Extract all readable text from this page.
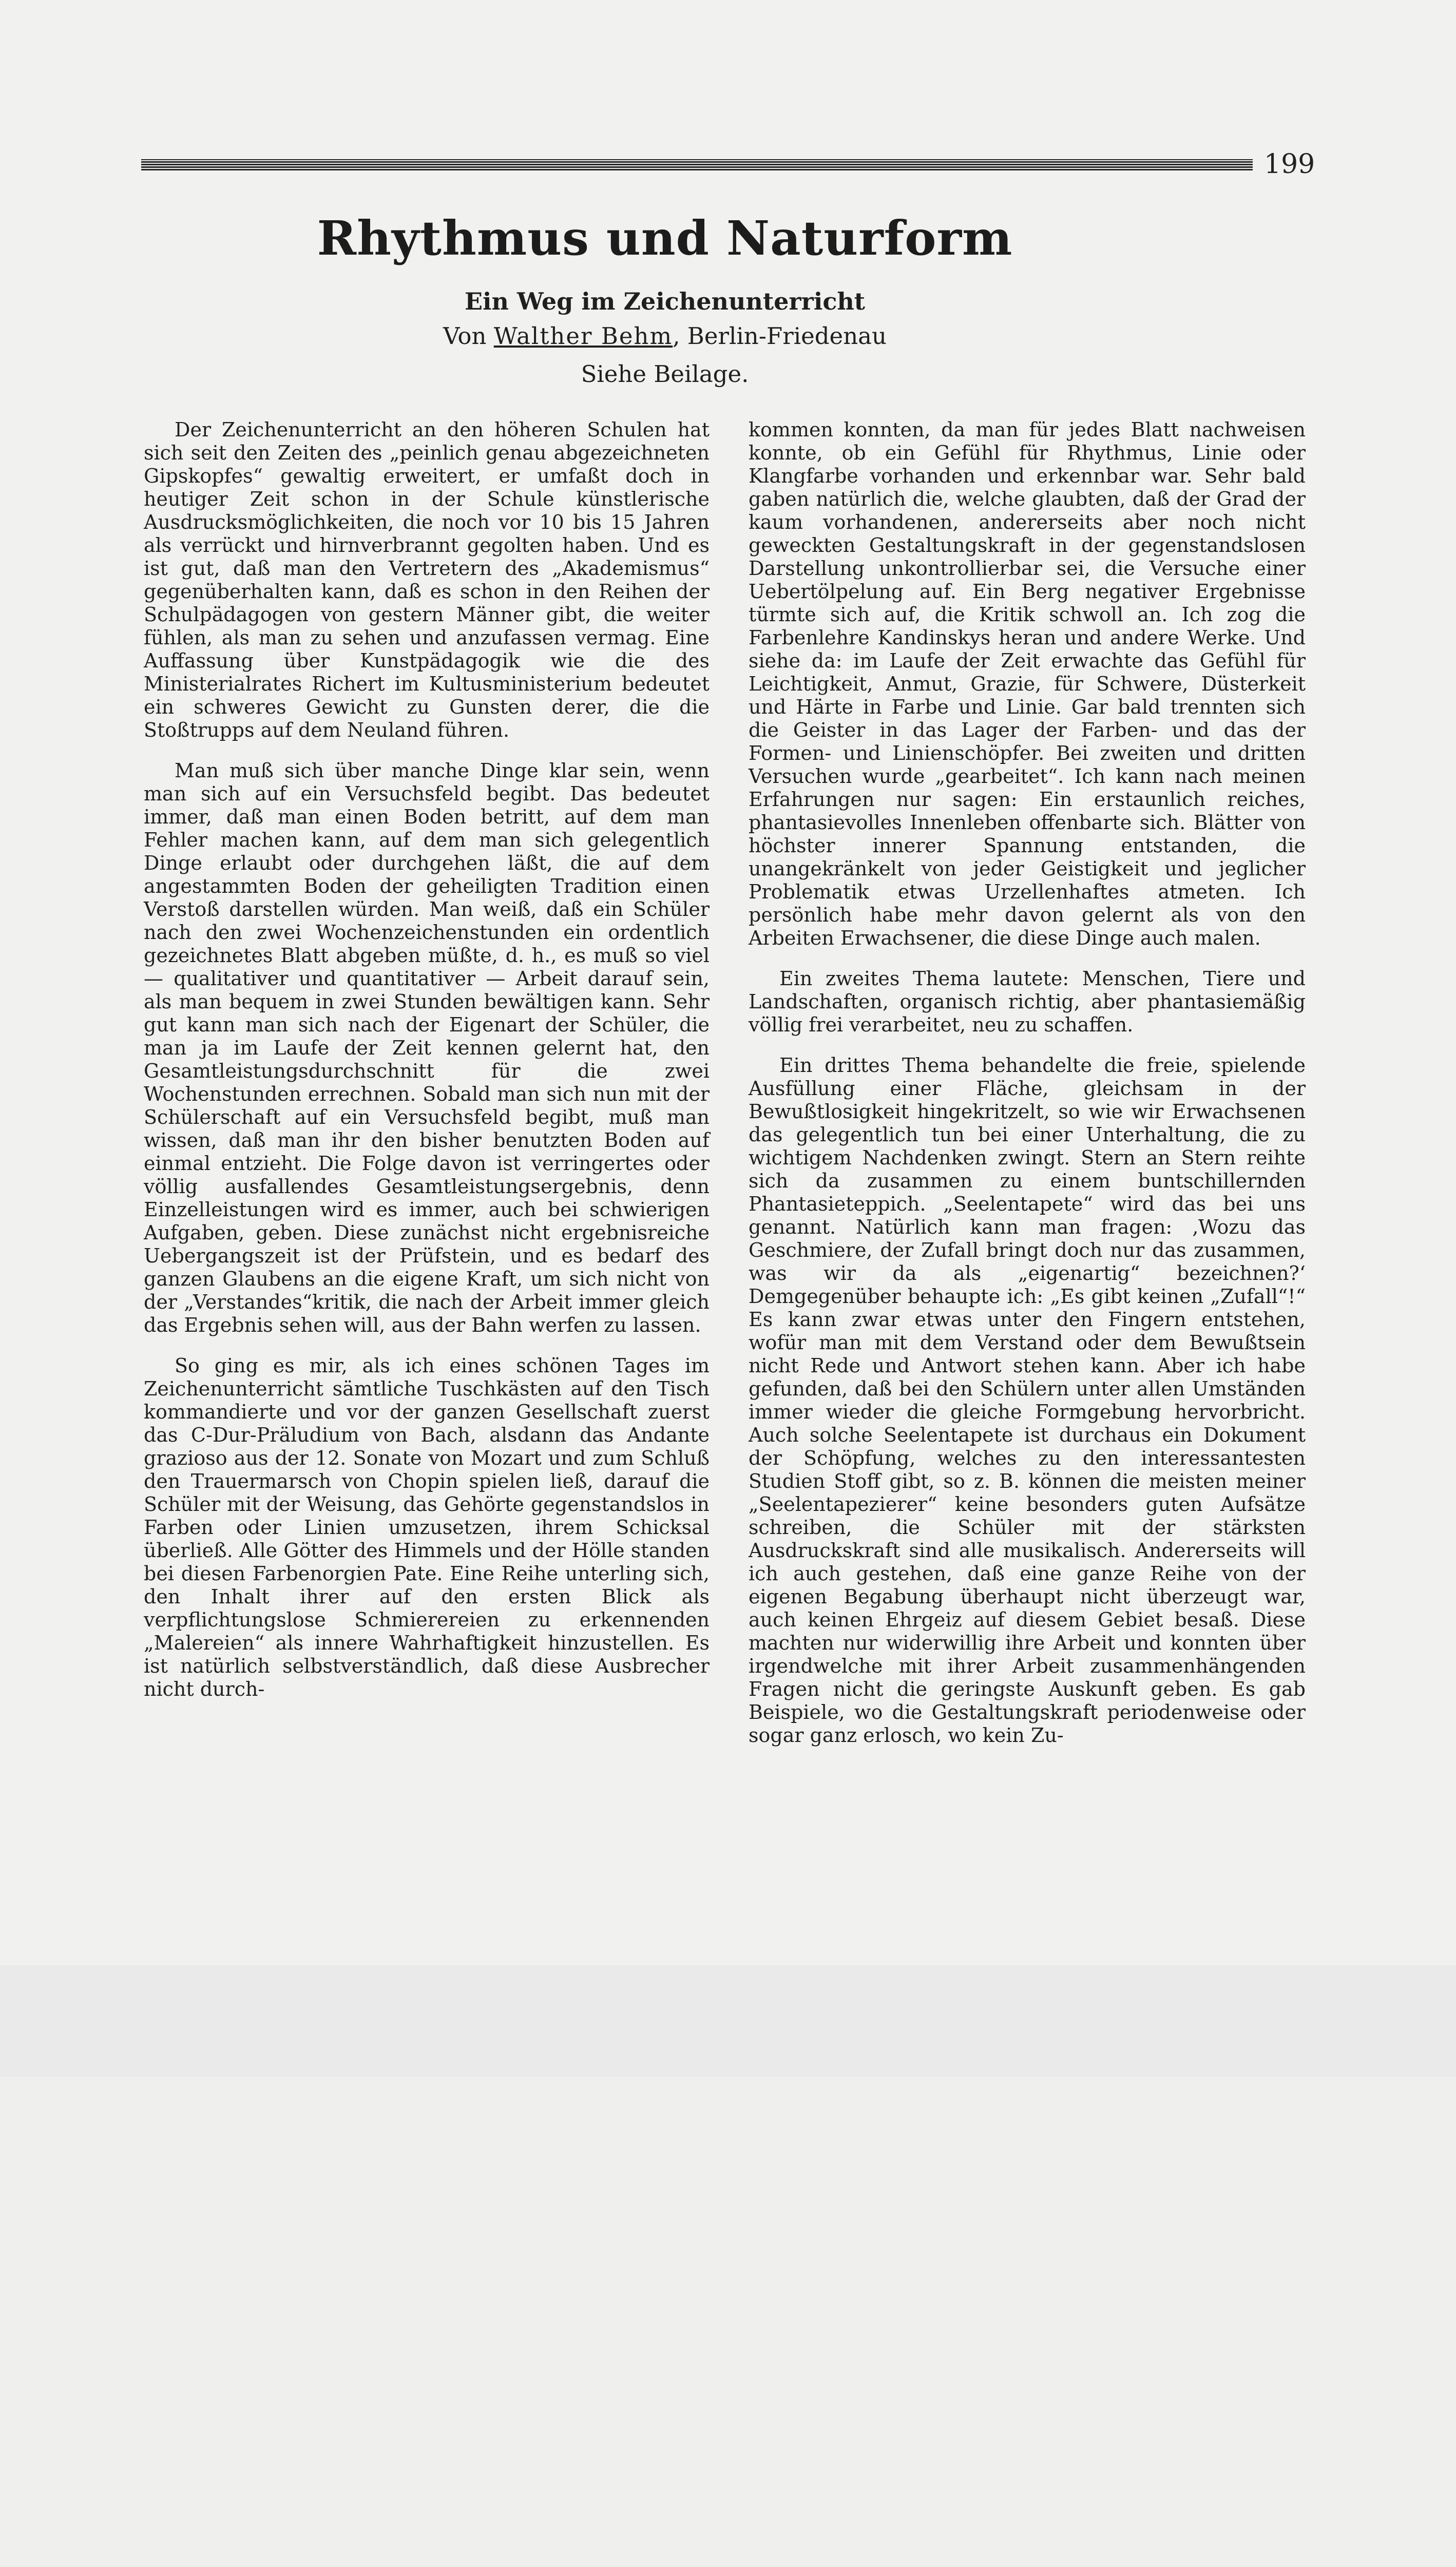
199
Rhythmus und Naturform
Ein Weg im Zeichenunterricht
Von Walther Behm, Berlin-Friedenau
Siehe Beilage.

Der Zeichenunterricht an den höheren Schulen hat sich seit den Zeiten des „peinlich genau abgezeichneten Gipskopfes“ gewaltig erweitert, er umfaßt doch in heutiger Zeit schon in der Schule künstlerische Ausdrucksmöglichkeiten, die noch vor 10 bis 15 Jahren als verrückt und hirnverbrannt gegolten haben. Und es ist gut, daß man den Vertretern des „Akademismus“ gegenüberhalten kann, daß es schon in den Reihen der Schulpädagogen von gestern Männer gibt, die weiter fühlen, als man zu sehen und anzufassen vermag. Eine Auffassung über Kunstpädagogik wie die des Ministerialrates Richert im Kultusministerium bedeutet ein schweres Gewicht zu Gunsten derer, die die Stoßtrupps auf dem Neuland führen.

Man muß sich über manche Dinge klar sein, wenn man sich auf ein Versuchsfeld begibt. Das bedeutet immer, daß man einen Boden betritt, auf dem man Fehler machen kann, auf dem man sich gelegentlich Dinge erlaubt oder durchgehen läßt, die auf dem angestammten Boden der geheiligten Tradition einen Verstoß darstellen würden. Man weiß, daß ein Schüler nach den zwei Wochenzeichenstunden ein ordentlich gezeichnetes Blatt abgeben müßte, d. h., es muß so viel — qualitativer und quantitativer — Arbeit darauf sein, als man bequem in zwei Stunden bewältigen kann. Sehr gut kann man sich nach der Eigenart der Schüler, die man ja im Laufe der Zeit kennen gelernt hat, den Gesamtleistungsdurchschnitt für die zwei Wochenstunden errechnen. Sobald man sich nun mit der Schülerschaft auf ein Versuchsfeld begibt, muß man wissen, daß man ihr den bisher benutzten Boden auf einmal entzieht. Die Folge davon ist verringertes oder völlig ausfallendes Gesamtleistungsergebnis, denn Einzelleistungen wird es immer, auch bei schwierigen Aufgaben, geben. Diese zunächst nicht ergebnisreiche Uebergangszeit ist der Prüfstein, und es bedarf des ganzen Glaubens an die eigene Kraft, um sich nicht von der „Verstandes“kritik, die nach der Arbeit immer gleich das Ergebnis sehen will, aus der Bahn werfen zu lassen.

So ging es mir, als ich eines schönen Tages im Zeichenunterricht sämtliche Tuschkästen auf den Tisch kommandierte und vor der ganzen Gesellschaft zuerst das C-Dur-Präludium von Bach, alsdann das Andante grazioso aus der 12. Sonate von Mozart und zum Schluß den Trauermarsch von Chopin spielen ließ, darauf die Schüler mit der Weisung, das Gehörte gegenstandslos in Farben oder Linien umzusetzen, ihrem Schicksal überließ. Alle Götter des Himmels und der Hölle standen bei diesen Farbenorgien Pate. Eine Reihe unterling sich, den Inhalt ihrer auf den ersten Blick als verpflichtungslose Schmierereien zu erkennenden „Malereien“ als innere Wahrhaftigkeit hinzustellen. Es ist natürlich selbstverständlich, daß diese Ausbrecher nicht durch-

kommen konnten, da man für jedes Blatt nachweisen konnte, ob ein Gefühl für Rhythmus, Linie oder Klangfarbe vorhanden und erkennbar war. Sehr bald gaben natürlich die, welche glaubten, daß der Grad der kaum vorhandenen, andererseits aber noch nicht geweckten Gestaltungskraft in der gegenstandslosen Darstellung unkontrollierbar sei, die Versuche einer Uebertölpelung auf. Ein Berg negativer Ergebnisse türmte sich auf, die Kritik schwoll an. Ich zog die Farbenlehre Kandinskys heran und andere Werke. Und siehe da: im Laufe der Zeit erwachte das Gefühl für Leichtigkeit, Anmut, Grazie, für Schwere, Düsterkeit und Härte in Farbe und Linie. Gar bald trennten sich die Geister in das Lager der Farben- und das der Formen- und Linienschöpfer. Bei zweiten und dritten Versuchen wurde „gearbeitet“. Ich kann nach meinen Erfahrungen nur sagen: Ein erstaunlich reiches, phantasievolles Innenleben offenbarte sich. Blätter von höchster innerer Spannung entstanden, die unangekränkelt von jeder Geistigkeit und jeglicher Problematik etwas Urzellenhaftes atmeten. Ich persönlich habe mehr davon gelernt als von den Arbeiten Erwachsener, die diese Dinge auch malen.

Ein zweites Thema lautete: Menschen, Tiere und Landschaften, organisch richtig, aber phantasiemäßig völlig frei verarbeitet, neu zu schaffen.

Ein drittes Thema behandelte die freie, spielende Ausfüllung einer Fläche, gleichsam in der Bewußtlosigkeit hingekritzelt, so wie wir Erwachsenen das gelegentlich tun bei einer Unterhaltung, die zu wichtigem Nachdenken zwingt. Stern an Stern reihte sich da zusammen zu einem buntschillernden Phantasieteppich. „Seelentapete“ wird das bei uns genannt. Natürlich kann man fragen: ‚Wozu das Geschmiere, der Zufall bringt doch nur das zusammen, was wir da als „eigenartig“ bezeichnen?‘ Demgegenüber behaupte ich: „Es gibt keinen „Zufall“!“ Es kann zwar etwas unter den Fingern entstehen, wofür man mit dem Verstand oder dem Bewußtsein nicht Rede und Antwort stehen kann. Aber ich habe gefunden, daß bei den Schülern unter allen Umständen immer wieder die gleiche Formgebung hervorbricht. Auch solche Seelentapete ist durchaus ein Dokument der Schöpfung, welches zu den interessantesten Studien Stoff gibt, so z. B. können die meisten meiner „Seelentapezierer“ keine besonders guten Aufsätze schreiben, die Schüler mit der stärksten Ausdruckskraft sind alle musikalisch. Andererseits will ich auch gestehen, daß eine ganze Reihe von der eigenen Begabung überhaupt nicht überzeugt war, auch keinen Ehrgeiz auf diesem Gebiet besaß. Diese machten nur widerwillig ihre Arbeit und konnten über irgendwelche mit ihrer Arbeit zusammenhängenden Fragen nicht die geringste Auskunft geben. Es gab Beispiele, wo die Gestaltungskraft periodenweise oder sogar ganz erlosch, wo kein Zu-
